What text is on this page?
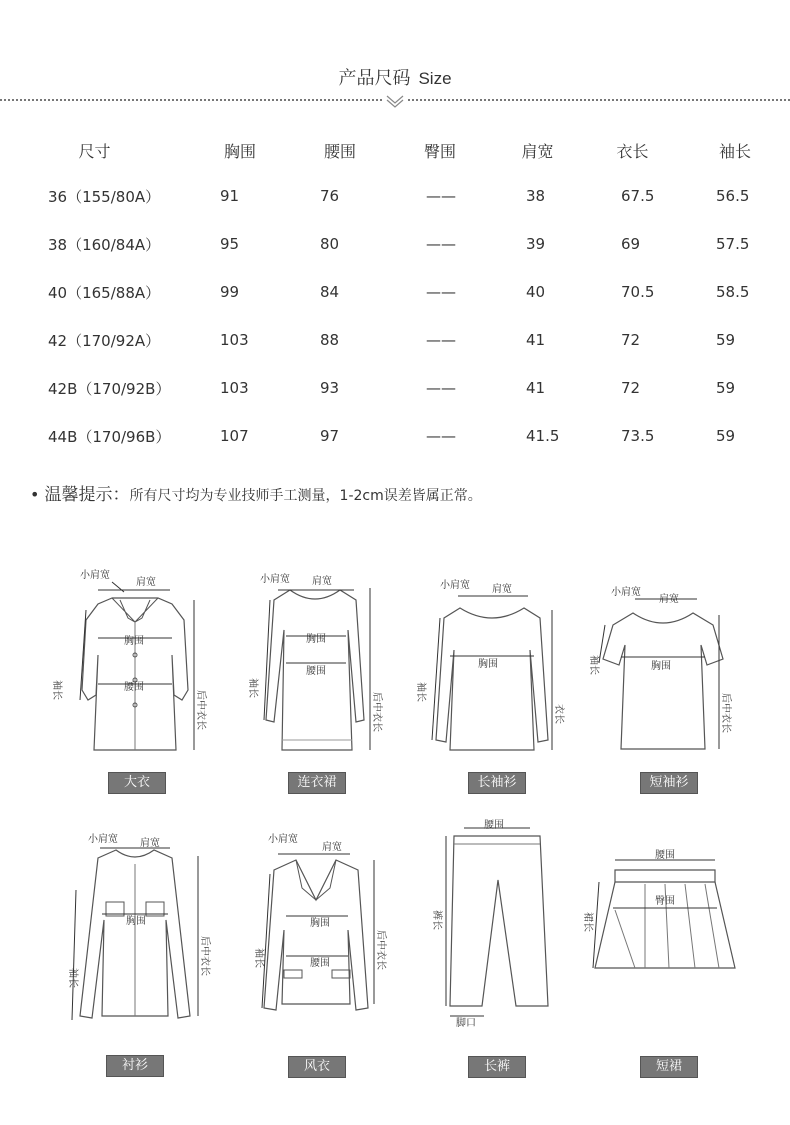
产品尺码 Size
尺寸	胸围	腰围	臀围	肩宽	衣长	袖长
36（155/80A）	91	76	——	38	67.5	56.5
38（160/84A）	95	80	——	39	69	57.5
40（165/88A）	99	84	——	40	70.5	58.5
42（170/92A）	103	88	——	41	72	59
42B（170/92B）	103	93	——	41	72	59
44B（170/96B）	107	97	——	41.5	73.5	59
• 温馨提示：所有尺寸均为专业技师手工测量，1-2cm误差皆属正常。
小肩宽
肩宽
胸围
腰围
袖长	后中衣长
大衣
小肩宽 肩宽
胸围
腰围
袖长
后中衣长
连衣裙
小肩宽 肩宽
胸围
袖长
衣长
长袖衫
小肩宽
肩宽
胸围
袖长
后中衣长
短袖衫
小肩宽 肩宽
胸围
袖长
后中衣长
衬衫
小肩宽
肩宽
胸围
腰围
袖长	后中衣长
风衣
腰围
裤长
脚口
长裤
腰围
臀围
裙长
短裙
